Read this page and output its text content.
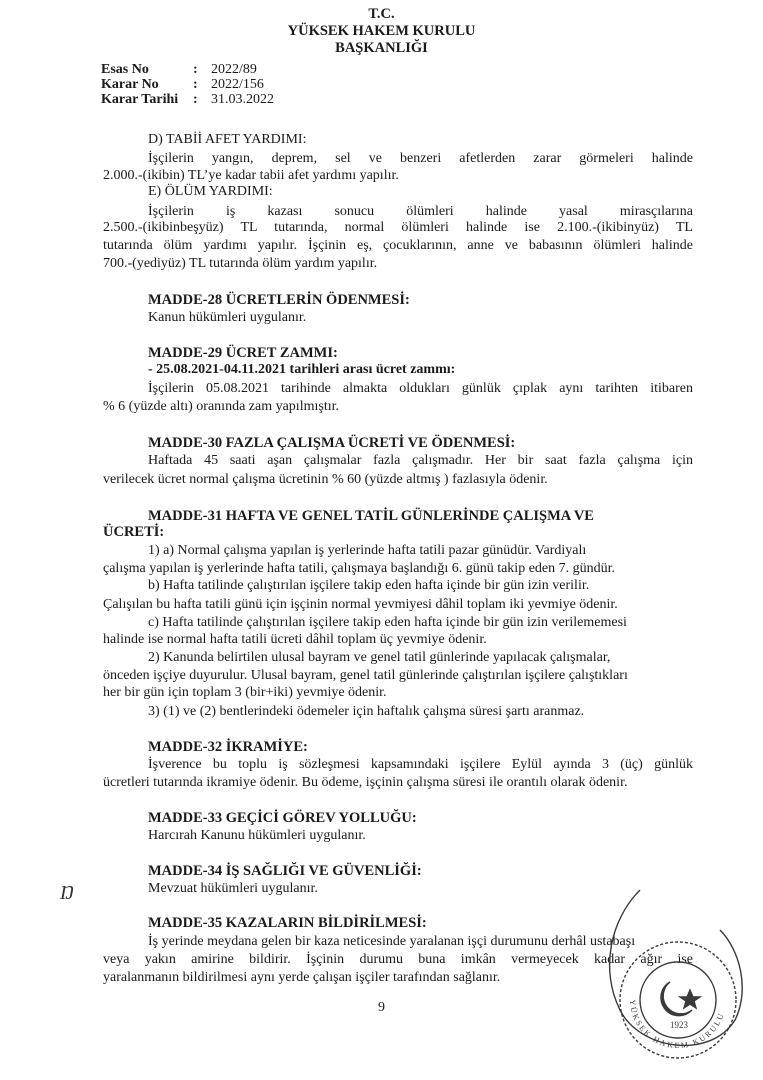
T.C.
YÜKSEK HAKEM KURULU
BAŞKANLIĞI
Esas No	:	2022/89
Karar No	:	2022/156
Karar Tarihi	:	31.03.2022
D) TABİİ AFET YARDIMI:
İşçilerin yangın, deprem, sel ve benzeri afetlerden zarar görmeleri halinde
2.000.-(ikibin) TL’ye kadar tabii afet yardımı yapılır.
E) ÖLÜM YARDIMI:
İşçilerin iş kazası sonucu ölümleri halinde yasal mirasçılarına
2.500.-(ikibinbeşyüz) TL tutarında, normal ölümleri halinde ise 2.100.-(ikibinyüz) TL
tutarında ölüm yardımı yapılır. İşçinin eş, çocuklarının, anne ve babasının ölümleri halinde
700.-(yediyüz) TL tutarında ölüm yardım yapılır.
MADDE-28 ÜCRETLERİN ÖDENMESİ:
Kanun hükümleri uygulanır.
MADDE-29 ÜCRET ZAMMI:
- 25.08.2021-04.11.2021 tarihleri arası ücret zammı:
İşçilerin 05.08.2021 tarihinde almakta oldukları günlük çıplak aynı tarihten itibaren
% 6 (yüzde altı) oranında zam yapılmıştır.
MADDE-30 FAZLA ÇALIŞMA ÜCRETİ VE ÖDENMESİ:
Haftada 45 saati aşan çalışmalar fazla çalışmadır. Her bir saat fazla çalışma için
verilecek ücret normal çalışma ücretinin % 60 (yüzde altmış ) fazlasıyla ödenir.
MADDE-31 HAFTA VE GENEL TATİL GÜNLERİNDE ÇALIŞMA VE
ÜCRETİ:
1) a) Normal çalışma yapılan iş yerlerinde hafta tatili pazar günüdür. Vardiyalı
çalışma yapılan iş yerlerinde hafta tatili, çalışmaya başlandığı 6. günü takip eden 7. gündür.
b) Hafta tatilinde çalıştırılan işçilere takip eden hafta içinde bir gün izin verilir.
Çalışılan bu hafta tatili günü için işçinin normal yevmiyesi dâhil toplam iki yevmiye ödenir.
c) Hafta tatilinde çalıştırılan işçilere takip eden hafta içinde bir gün izin verilememesi
halinde ise normal hafta tatili ücreti dâhil toplam üç yevmiye ödenir.
2) Kanunda belirtilen ulusal bayram ve genel tatil günlerinde yapılacak çalışmalar,
önceden işçiye duyurulur. Ulusal bayram, genel tatil günlerinde çalıştırılan işçilere çalıştıkları
her bir gün için toplam 3 (bir+iki) yevmiye ödenir.
3) (1) ve (2) bentlerindeki ödemeler için haftalık çalışma süresi şartı aranmaz.
MADDE-32 İKRAMİYE:
İşverence bu toplu iş sözleşmesi kapsamındaki işçilere Eylül ayında 3 (üç) günlük
ücretleri tutarında ikramiye ödenir. Bu ödeme, işçinin çalışma süresi ile orantılı olarak ödenir.
MADDE-33 GEÇİCİ GÖREV YOLLUĞU:
Harcırah Kanunu hükümleri uygulanır.
MADDE-34 İŞ SAĞLIĞI VE GÜVENLİĞİ:
Mevzuat hükümleri uygulanır.
Ŋ
MADDE-35 KAZALARIN BİLDİRİLMESİ:
İş yerinde meydana gelen bir kaza neticesinde yaralanan işçi durumunu derhâl ustabaşı
veya yakın amirine bildirir. İşçinin durumu buna imkân vermeyecek kadar ağır ise
yaralanmanın bildirilmesi aynı yerde çalışan işçiler tarafından sağlanır.
9
1923
YÜKSEK HAKEM KURULU
